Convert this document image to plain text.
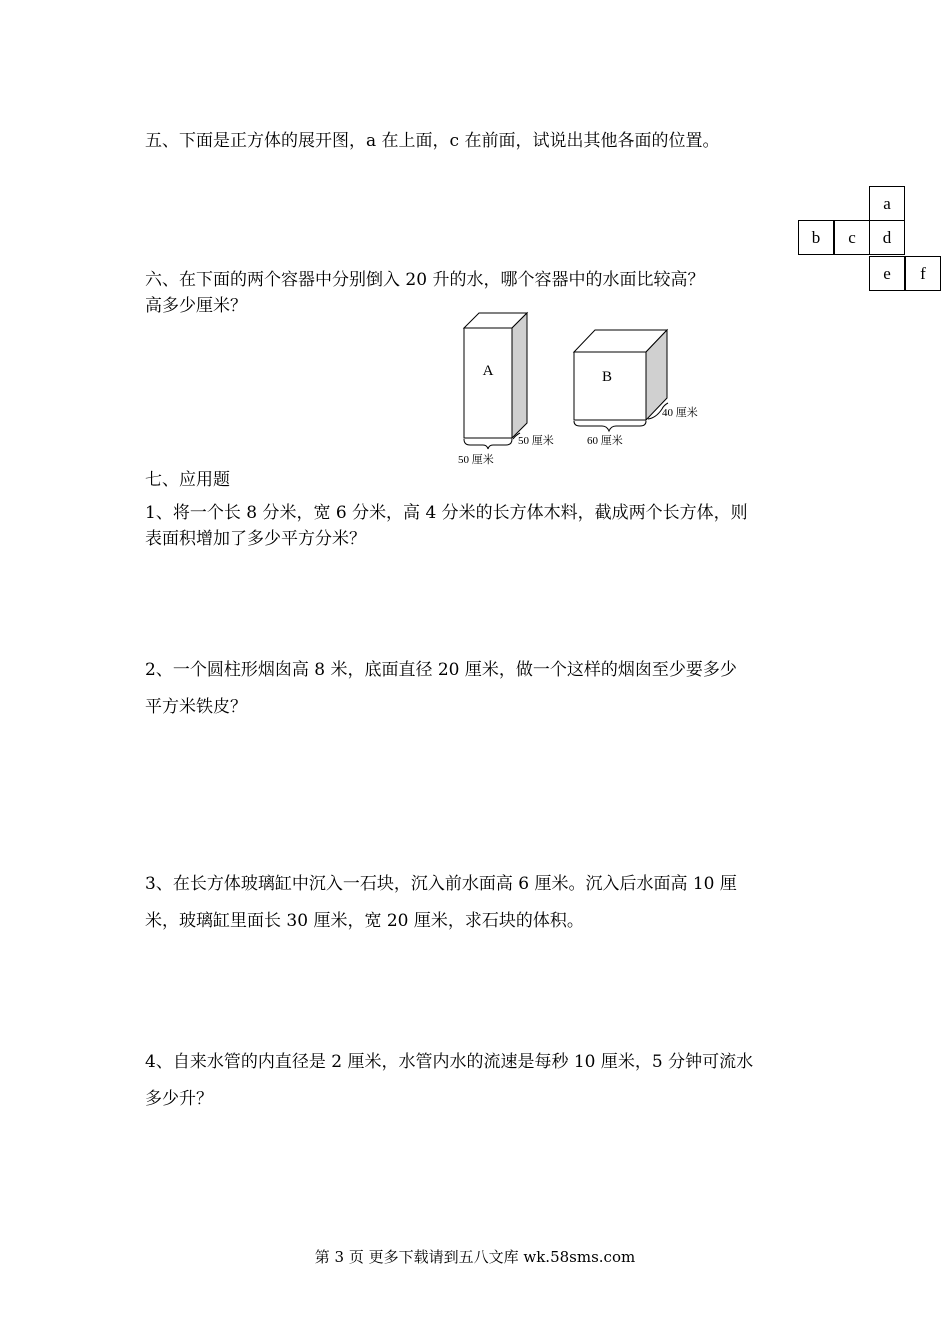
五、下面是正方体的展开图，a 在上面，c 在前面，试说出其他各面的位置。
a
b	c	d
e	f
六、在下面的两个容器中分别倒入 20 升的水，哪个容器中的水面比较高？
高多少厘米？
A
50 厘米
50 厘米
B
60 厘米
40 厘米
七、应用题
1、将一个长 8 分米，宽 6 分米，高 4 分米的长方体木料，截成两个长方体，则
表面积增加了多少平方分米？
2、一个圆柱形烟囱高 8 米，底面直径 20 厘米，做一个这样的烟囱至少要多少
平方米铁皮？
3、在长方体玻璃缸中沉入一石块，沉入前水面高 6 厘米。沉入后水面高 10 厘
米，玻璃缸里面长 30 厘米，宽 20 厘米，求石块的体积。
4、自来水管的内直径是 2 厘米，水管内水的流速是每秒 10 厘米，5 分钟可流水
多少升？
第 3 页 更多下载请到五八文库 wk.58sms.com
